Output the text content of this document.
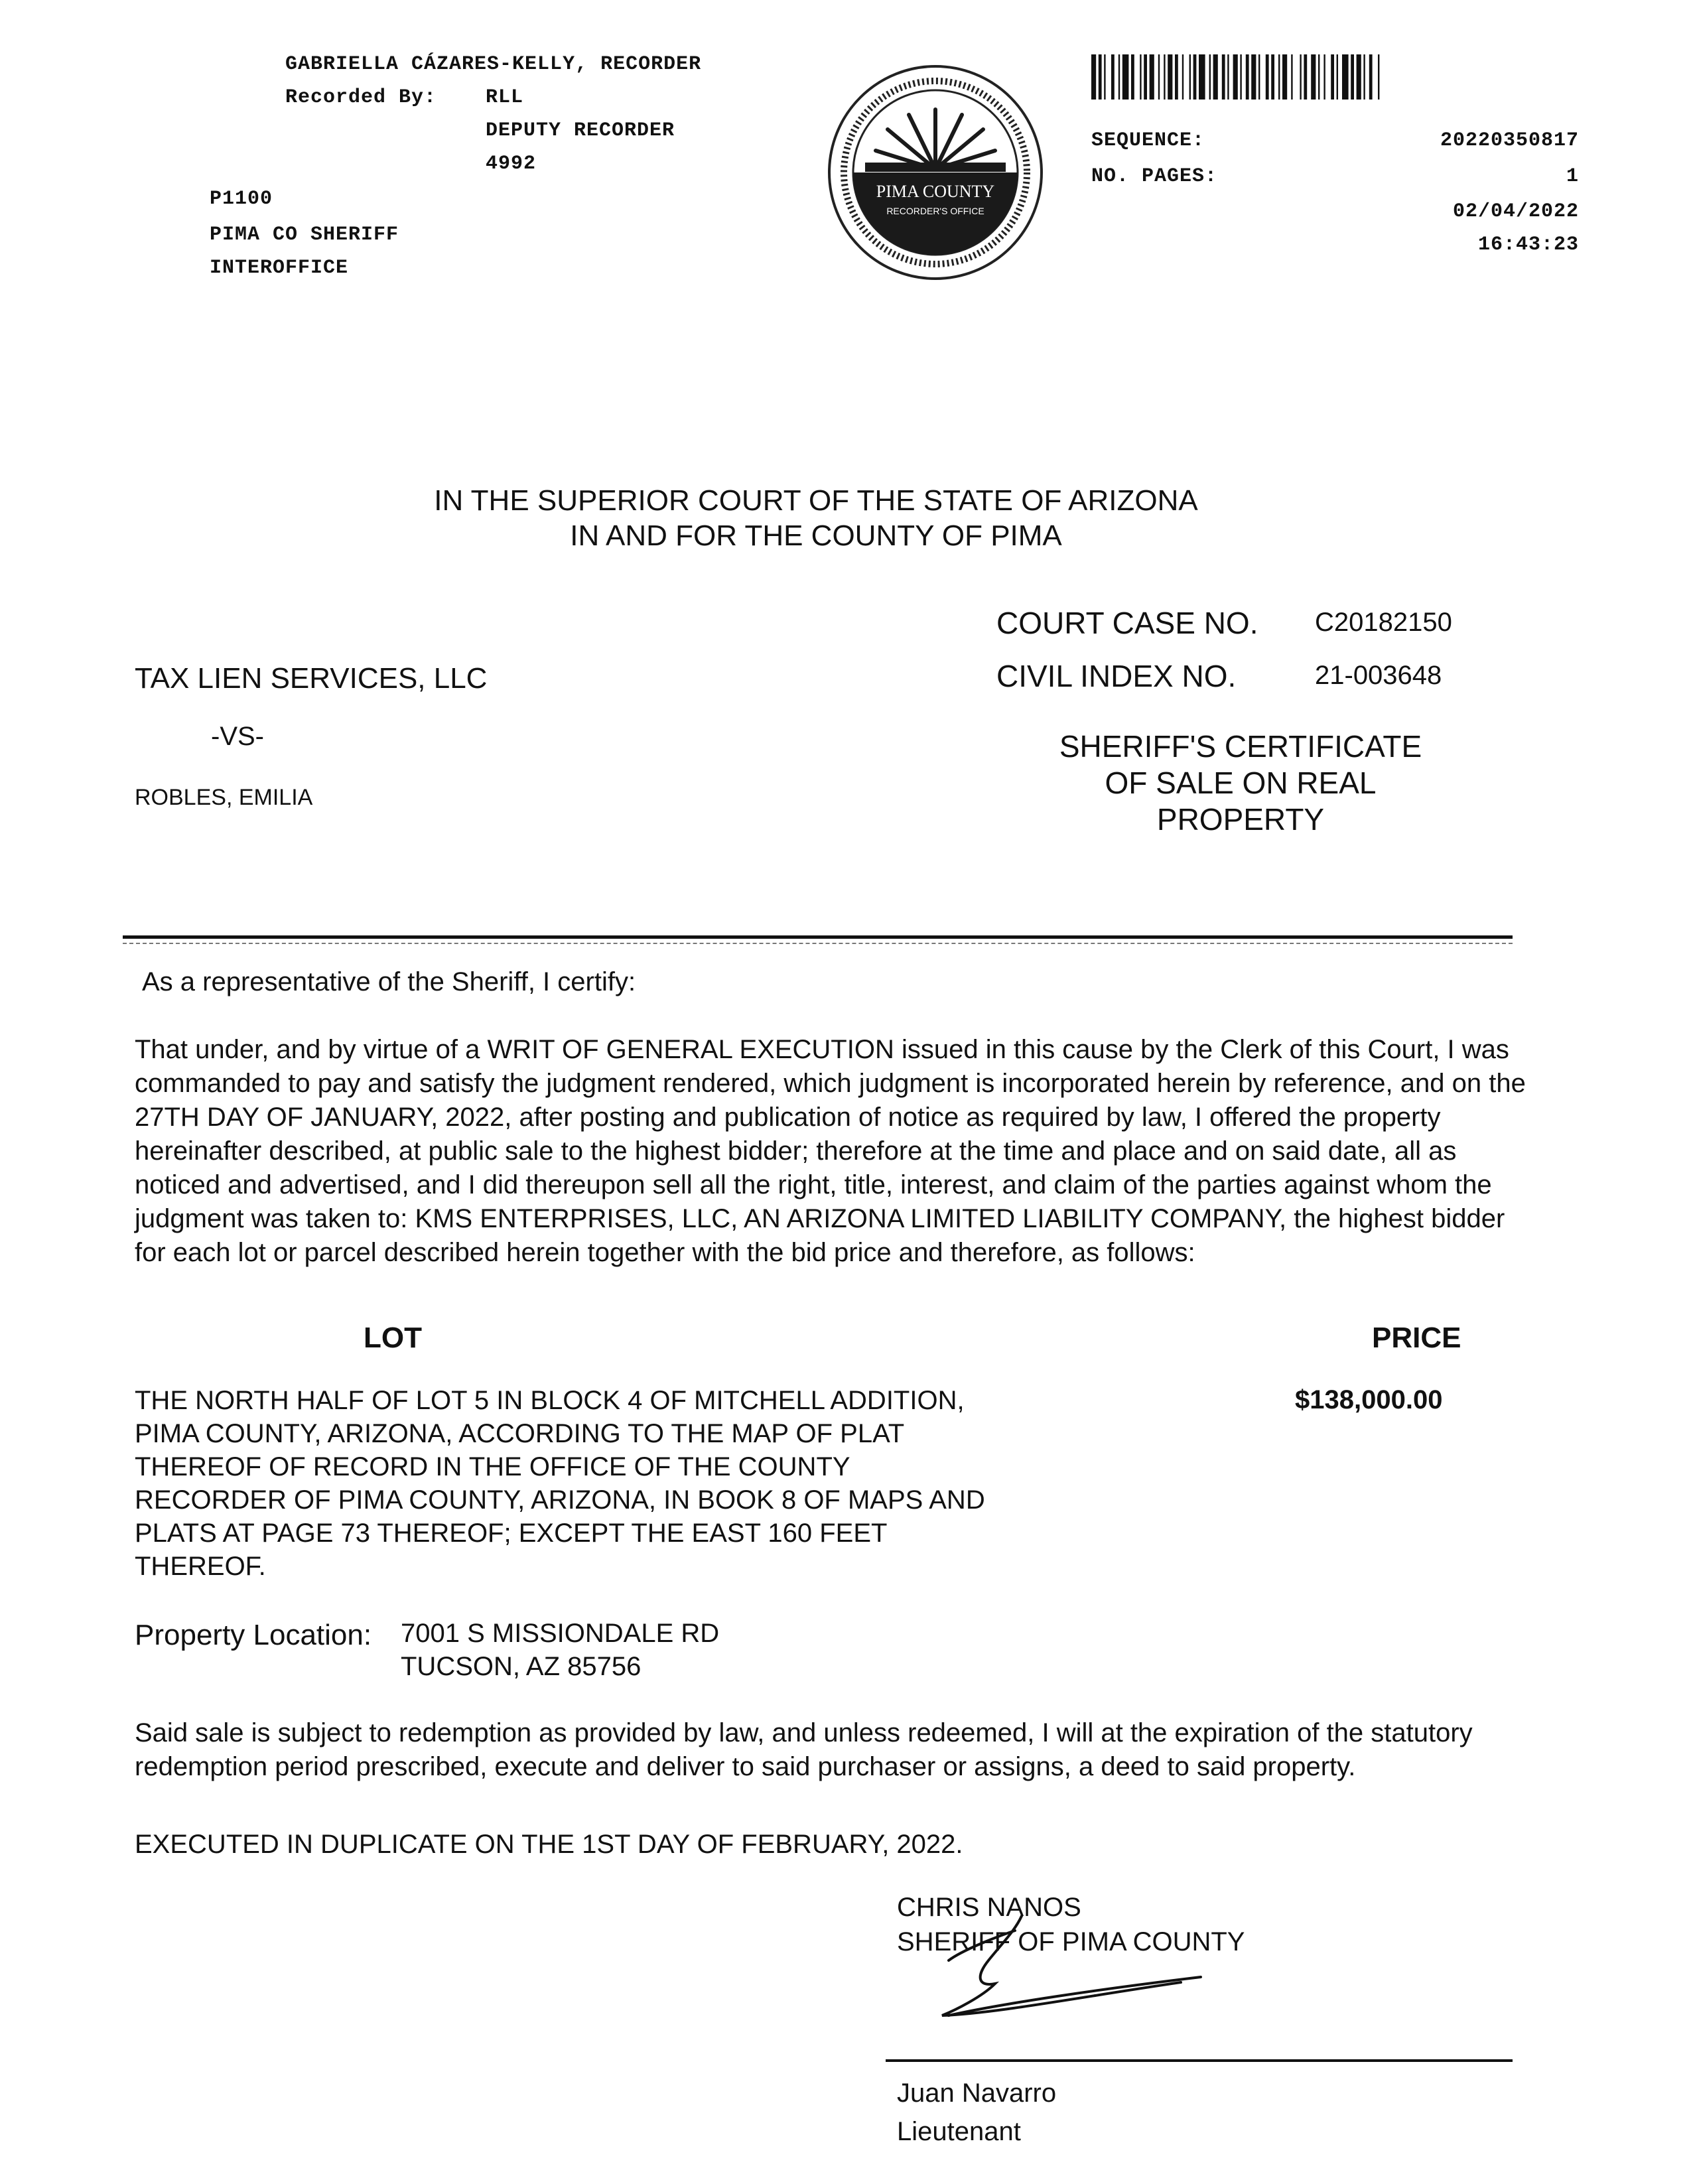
GABRIELLA CÁZARES-KELLY, RECORDER
Recorded By: RLL
DEPUTY RECORDER
4992
P1100
PIMA CO SHERIFF
INTEROFFICE
PIMA COUNTY
RECORDER'S OFFICE
SEQUENCE:	20220350817
NO. PAGES:	1
02/04/2022
16:43:23
IN THE SUPERIOR COURT OF THE STATE OF ARIZONA
IN AND FOR THE COUNTY OF PIMA
COURT CASE NO. C20182150
CIVIL INDEX NO.	21-003648
TAX LIEN SERVICES, LLC
-VS-
ROBLES, EMILIA
SHERIFF'S CERTIFICATE
OF SALE ON REAL
PROPERTY
As a representative of the Sheriff, I certify:
That under, and by virtue of a WRIT OF GENERAL EXECUTION issued in this cause by the Clerk of this Court, I was commanded to pay and satisfy the judgment rendered, which judgment is incorporated herein by reference, and on the 27TH DAY OF JANUARY, 2022, after posting and publication of notice as required by law, I offered the property hereinafter described, at public sale to the highest bidder; therefore at the time and place and on said date, all as noticed and advertised, and I did thereupon sell all the right, title, interest, and claim of the parties against whom the judgment was taken to: KMS ENTERPRISES, LLC, AN ARIZONA LIMITED LIABILITY COMPANY, the highest bidder for each lot or parcel described herein together with the bid price and therefore, as follows:
LOT	PRICE
THE NORTH HALF OF LOT 5 IN BLOCK 4 OF MITCHELL ADDITION,
PIMA COUNTY, ARIZONA, ACCORDING TO THE MAP OF PLAT
THEREOF OF RECORD IN THE OFFICE OF THE COUNTY
RECORDER OF PIMA COUNTY, ARIZONA, IN BOOK 8 OF MAPS AND
PLATS AT PAGE 73 THEREOF; EXCEPT THE EAST 160 FEET
THEREOF.
$138,000.00
Property Location: 7001 S MISSIONDALE RD
TUCSON, AZ 85756
Said sale is subject to redemption as provided by law, and unless redeemed, I will at the expiration of the statutory redemption period prescribed, execute and deliver to said purchaser or assigns, a deed to said property.
EXECUTED IN DUPLICATE ON THE 1ST DAY OF FEBRUARY, 2022.
CHRIS NANOS
SHERIFF OF PIMA COUNTY
Juan Navarro
Lieutenant
